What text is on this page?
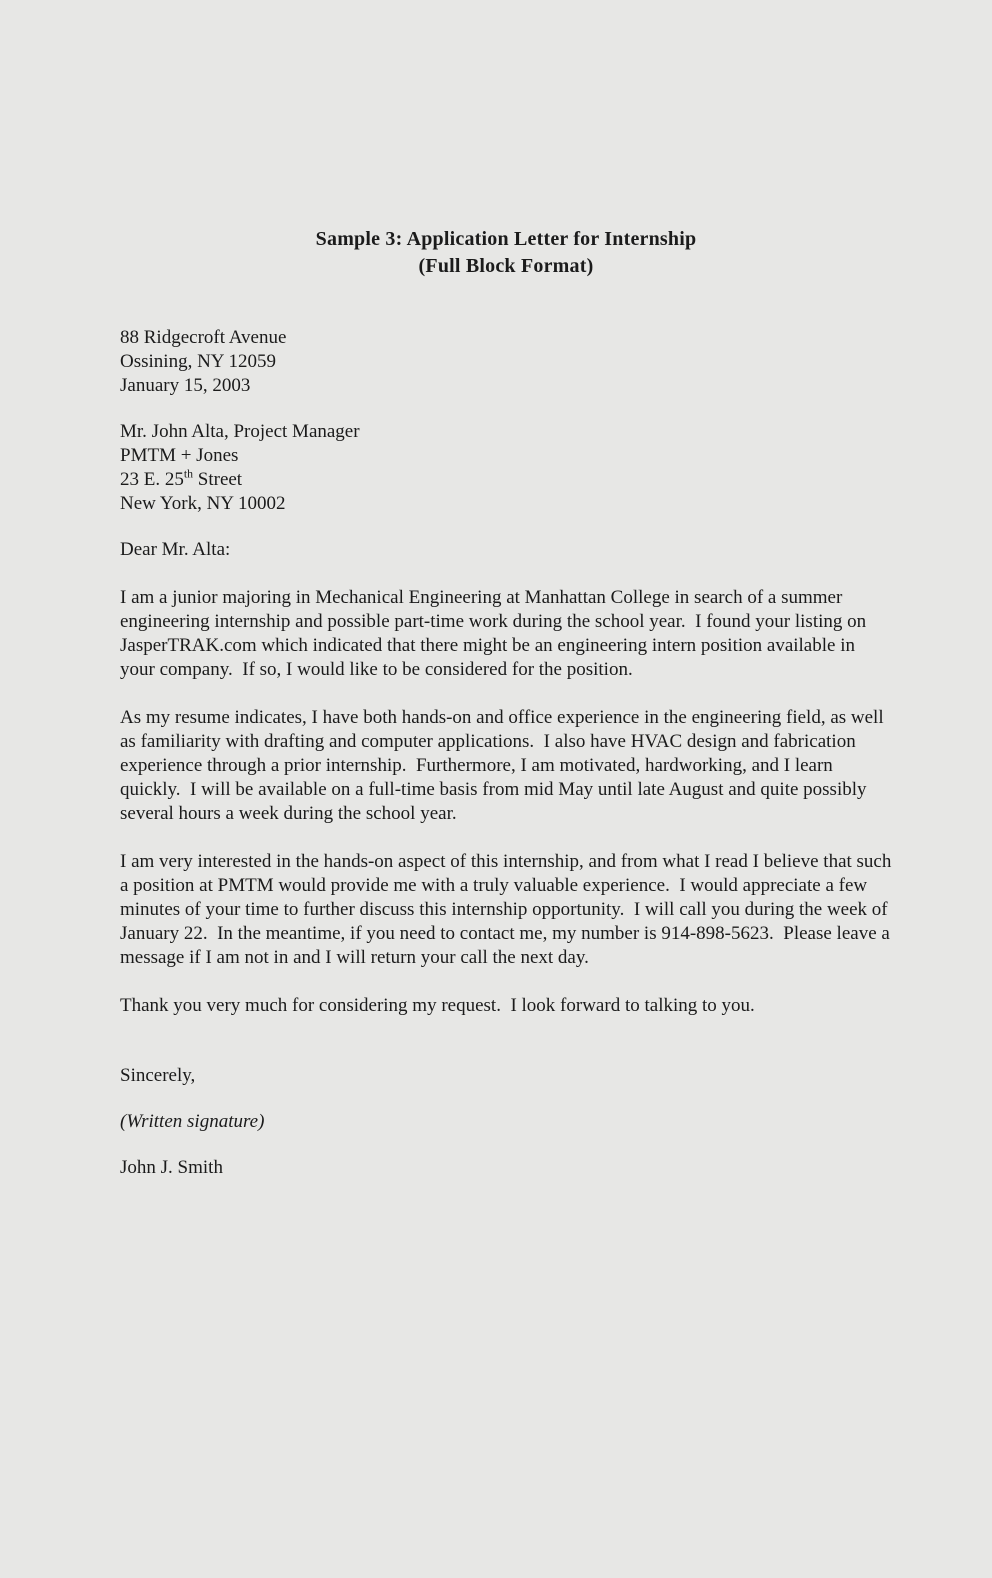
Sample 3: Application Letter for Internship
(Full Block Format)
88 Ridgecroft Avenue
Ossining, NY 12059
January 15, 2003
Mr. John Alta, Project Manager
PMTM + Jones
23 E. 25th Street
New York, NY 10002
Dear Mr. Alta:
I am a junior majoring in Mechanical Engineering at Manhattan College in search of a summer engineering internship and possible part-time work during the school year.  I found your listing on JasperTRAK.com which indicated that there might be an engineering intern position available in your company.  If so, I would like to be considered for the position.
As my resume indicates, I have both hands-on and office experience in the engineering field, as well as familiarity with drafting and computer applications.  I also have HVAC design and fabrication experience through a prior internship.  Furthermore, I am motivated, hardworking, and I learn quickly.  I will be available on a full-time basis from mid May until late August and quite possibly several hours a week during the school year.
I am very interested in the hands-on aspect of this internship, and from what I read I believe that such a position at PMTM would provide me with a truly valuable experience.  I would appreciate a few minutes of your time to further discuss this internship opportunity.  I will call you during the week of January 22.  In the meantime, if you need to contact me, my number is 914-898-5623.  Please leave a message if I am not in and I will return your call the next day.
Thank you very much for considering my request.  I look forward to talking to you.
Sincerely,
(Written signature)
John J. Smith
